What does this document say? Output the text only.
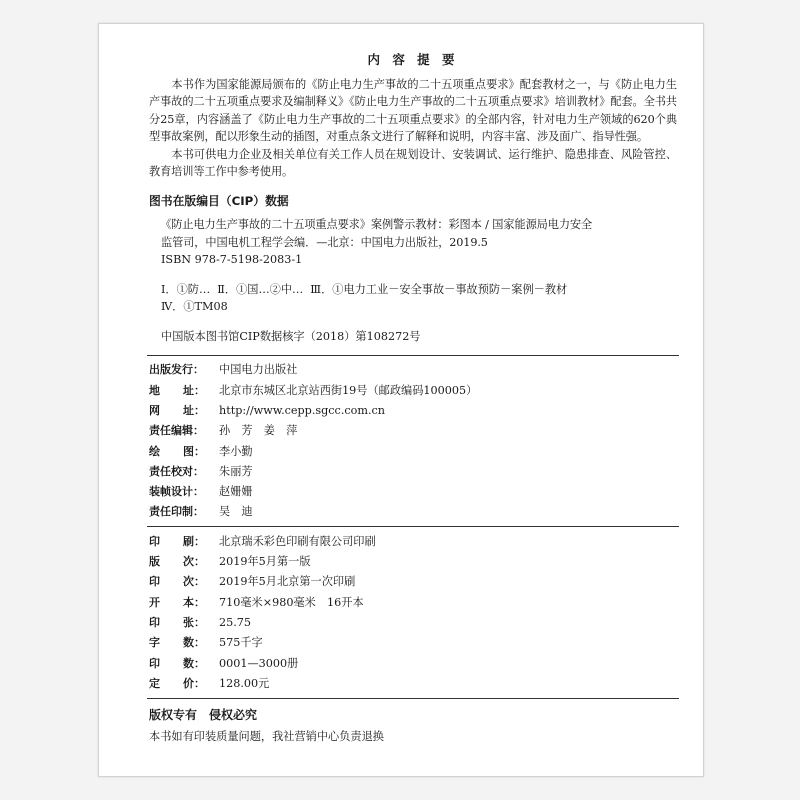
内 容 提 要

本书作为国家能源局颁布的《防止电力生产事故的二十五项重点要求》配套教材之一，与《防止电力生产事故的二十五项重点要求及编制释义》《防止电力生产事故的二十五项重点要求》培训教材》配套。全书共分25章，内容涵盖了《防止电力生产事故的二十五项重点要求》的全部内容，针对电力生产领域的620个典型事故案例，配以形象生动的插图，对重点条文进行了解释和说明，内容丰富、涉及面广、指导性强。

本书可供电力企业及相关单位有关工作人员在规划设计、安装调试、运行维护、隐患排查、风险管控、教育培训等工作中参考使用。

图书在版编目（CIP）数据

《防止电力生产事故的二十五项重点要求》案例警示教材：彩图本 / 国家能源局电力安全

监管司，中国电机工程学会编．—北京：中国电力出版社，2019.5

ISBN 978-7-5198-2083-1

Ⅰ．①防…  Ⅱ．①国…②中…  Ⅲ．①电力工业－安全事故－事故预防－案例－教材

Ⅳ．①TM08

中国版本图书馆CIP数据核字（2018）第108272号

出版发行：	中国电力出版社
地 址： 北京市东城区北京站西街19号（邮政编码100005）
网 址： http://www.cepp.sgcc.com.cn
责任编辑：	孙　芳　姜　萍
绘 图： 李小勤
责任校对：	朱丽芳
装帧设计：	赵姗姗
责任印制：	吴　迪
印 刷： 北京瑞禾彩色印刷有限公司印刷
版 次： 2019年5月第一版
印 次： 2019年5月北京第一次印刷
开 本： 710毫米×980毫米　16开本
印 张： 25.75
字 数： 575千字
印 数： 0001—3000册
定 价： 128.00元
版权专有　侵权必究

本书如有印装质量问题，我社营销中心负责退换
